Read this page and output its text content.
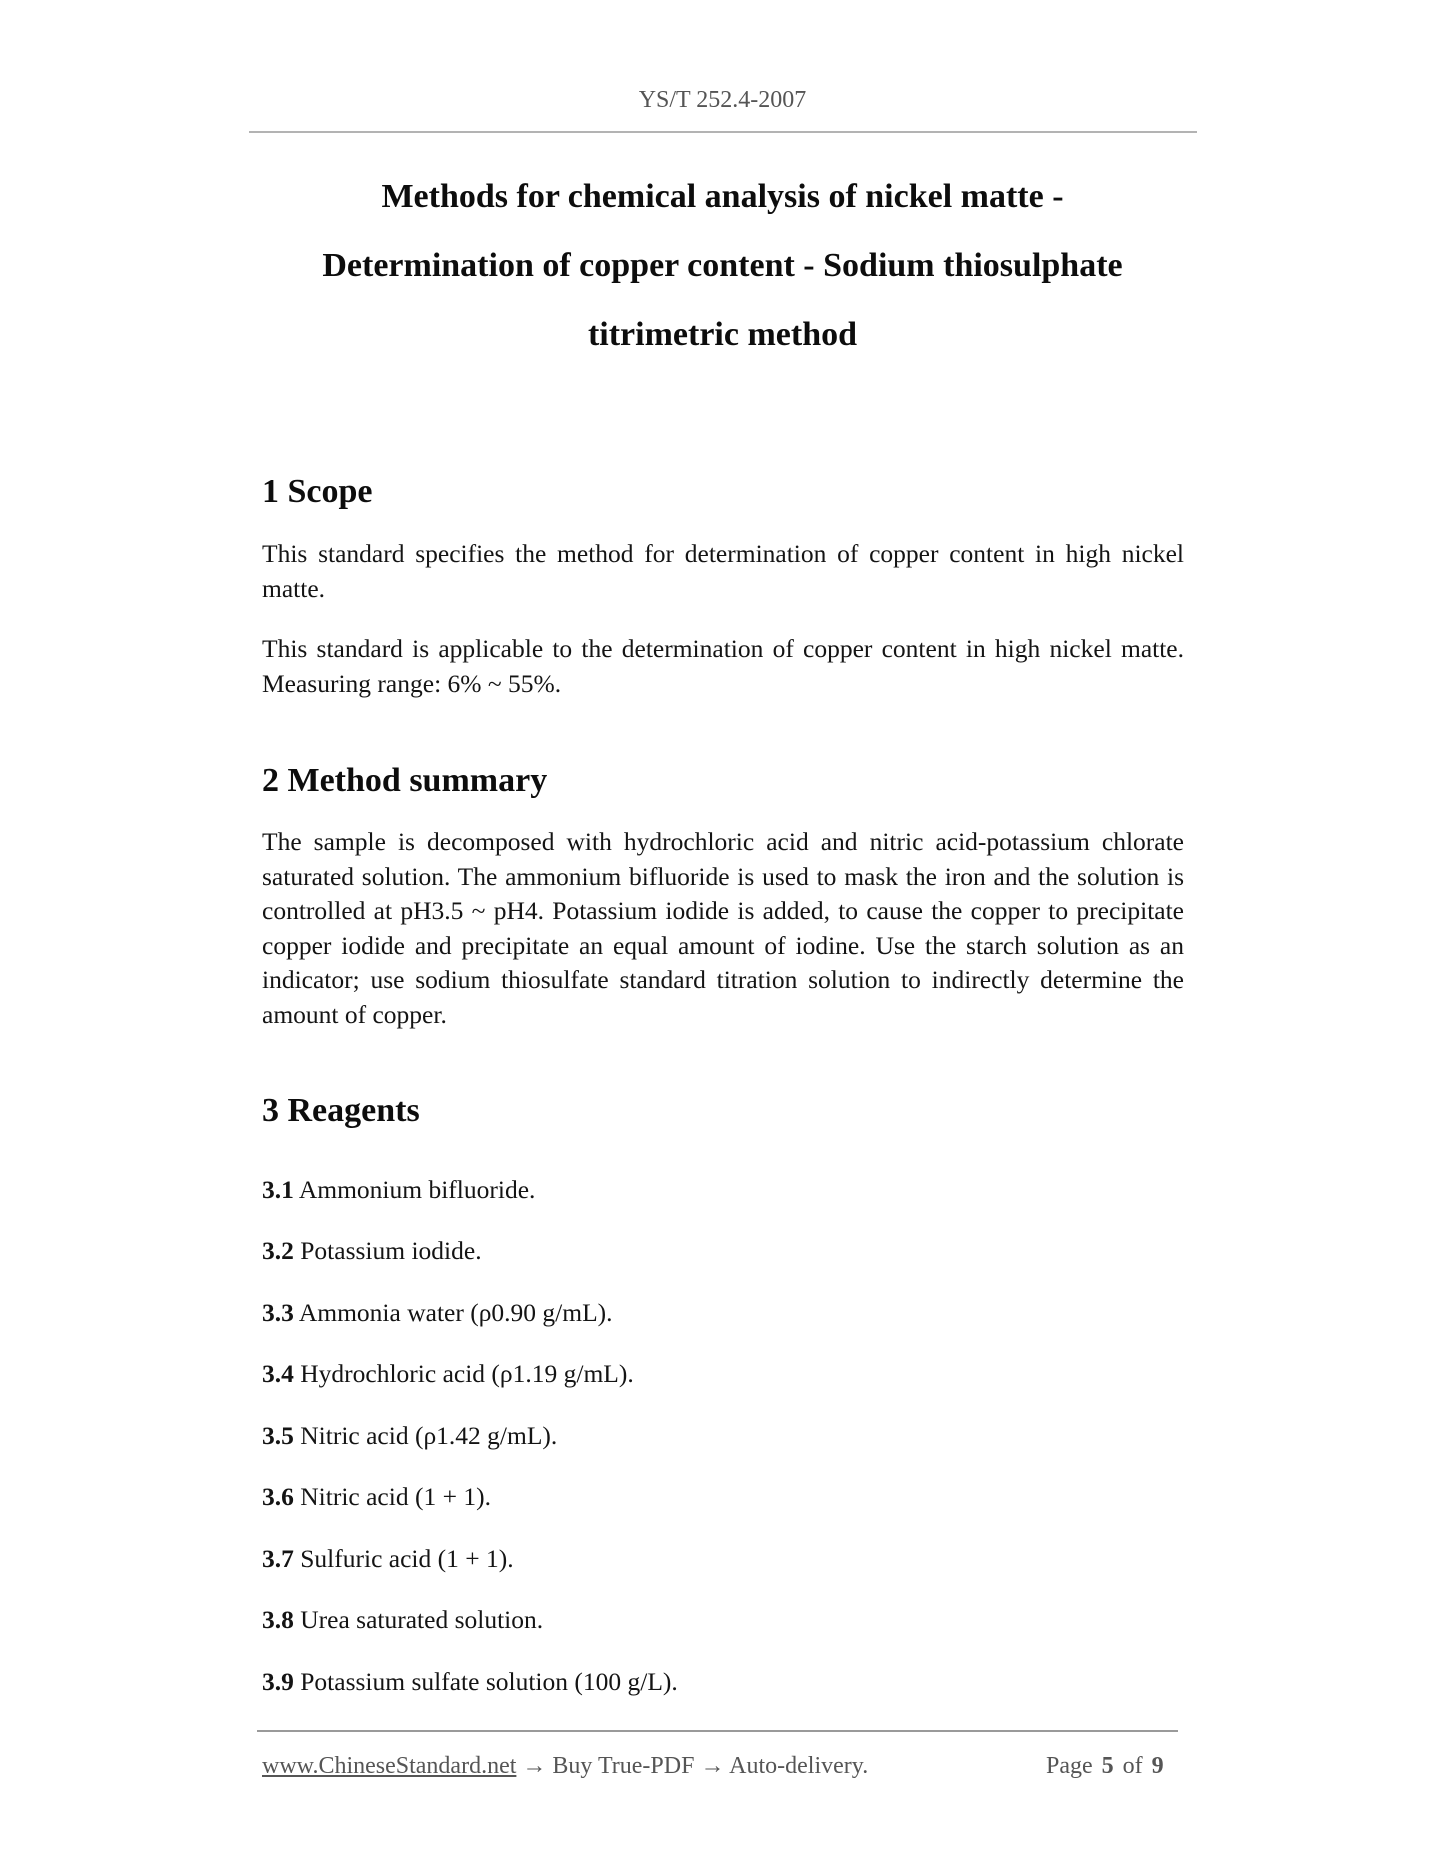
YS/T 252.4-2007
Methods for chemical analysis of nickel matte -
Determination of copper content - Sodium thiosulphate
titrimetric method
1 Scope

This standard specifies the method for determination of copper content in high nickel matte.

This standard is applicable to the determination of copper content in high nickel matte. Measuring range: 6% ~ 55%.

2 Method summary

The sample is decomposed with hydrochloric acid and nitric acid-potassium chlorate saturated solution. The ammonium bifluoride is used to mask the iron and the solution is controlled at pH3.5 ~ pH4. Potassium iodide is added, to cause the copper to precipitate copper iodide and precipitate an equal amount of iodine. Use the starch solution as an indicator; use sodium thiosulfate standard titration solution to indirectly determine the amount of copper.

3 Reagents
3.1 Ammonium bifluoride.
3.2 Potassium iodide.
3.3 Ammonia water (ρ0.90 g/mL).
3.4 Hydrochloric acid (ρ1.19 g/mL).
3.5 Nitric acid (ρ1.42 g/mL).
3.6 Nitric acid (1 + 1).
3.7 Sulfuric acid (1 + 1).
3.8 Urea saturated solution.
3.9 Potassium sulfate solution (100 g/L).
www.ChineseStandard.net → Buy True-PDF → Auto-delivery.	Page 5 of 9
